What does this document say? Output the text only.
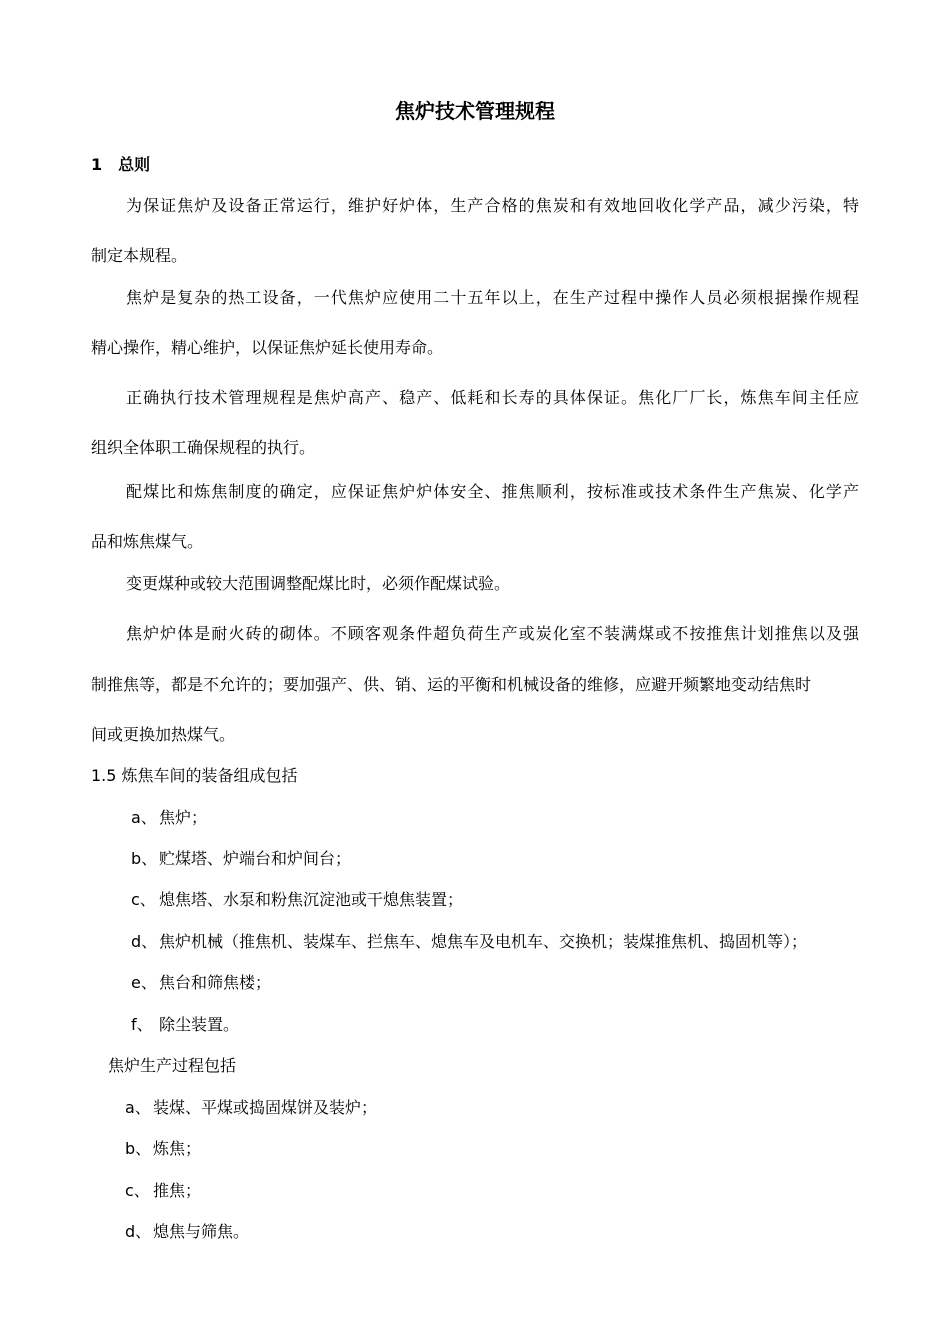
焦炉技术管理规程
1 总则
为保证焦炉及设备正常运行，维护好炉体，生产合格的焦炭和有效地回收化学产品，减少污染，特
制定本规程。
焦炉是复杂的热工设备，一代焦炉应使用二十五年以上，在生产过程中操作人员必须根据操作规程
精心操作，精心维护，以保证焦炉延长使用寿命。
正确执行技术管理规程是焦炉高产、稳产、低耗和长寿的具体保证。焦化厂厂长，炼焦车间主任应
组织全体职工确保规程的执行。
配煤比和炼焦制度的确定，应保证焦炉炉体安全、推焦顺利，按标准或技术条件生产焦炭、化学产
品和炼焦煤气。
变更煤种或较大范围调整配煤比时，必须作配煤试验。
焦炉炉体是耐火砖的砌体。不顾客观条件超负荷生产或炭化室不装满煤或不按推焦计划推焦以及强
制推焦等，都是不允许的；要加强产、供、销、运的平衡和机械设备的维修，应避开频繁地变动结焦时
间或更换加热煤气。
1.5 炼焦车间的装备组成包括
a、 焦炉；
b、 贮煤塔、炉端台和炉间台；
c、 熄焦塔、水泵和粉焦沉淀池或干熄焦装置；
d、 焦炉机械（推焦机、装煤车、拦焦车、熄焦车及电机车、交换机；装煤推焦机、捣固机等）；
e、 焦台和筛焦楼；
f、 除尘装置。
焦炉生产过程包括
a、 装煤、平煤或捣固煤饼及装炉；
b、 炼焦；
c、 推焦；
d、 熄焦与筛焦。
